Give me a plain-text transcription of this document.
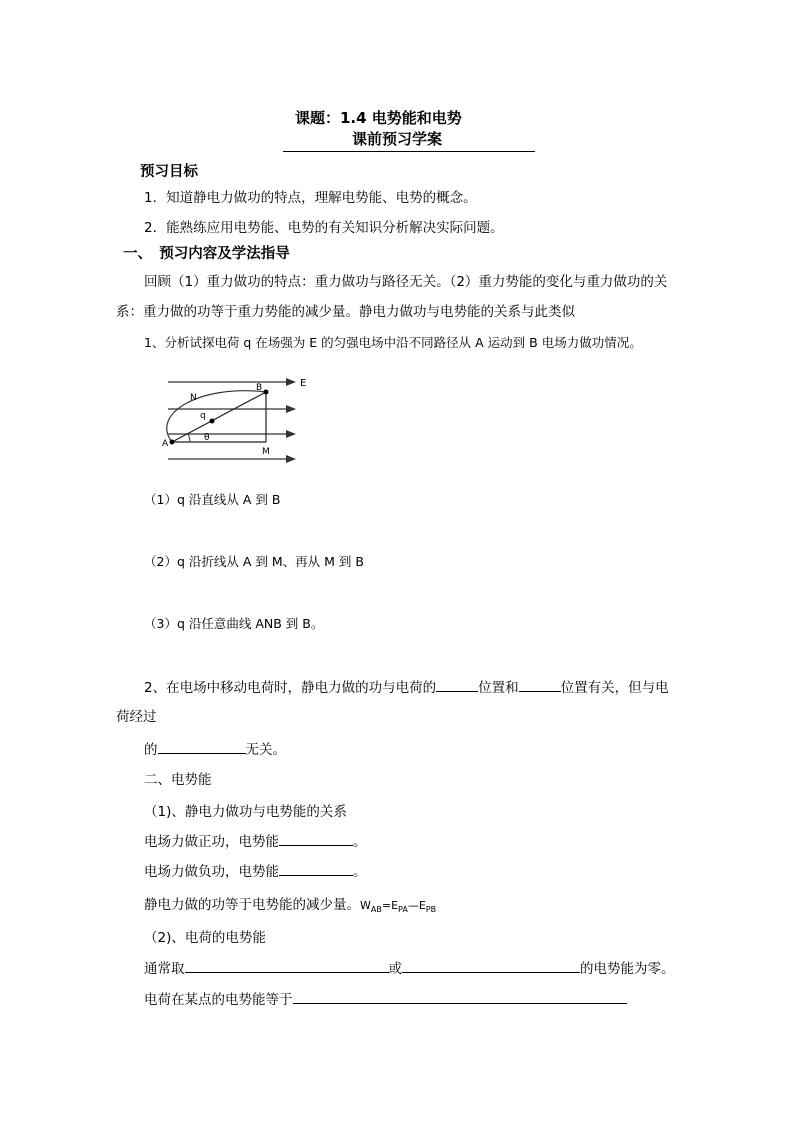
课题：1.4 电势能和电势
课前预习学案
预习目标
1．知道静电力做功的特点，理解电势能、电势的概念。
2．能熟练应用电势能、电势的有关知识分析解决实际问题。
一、　预习内容及学法指导
回顾（1）重力做功的特点：重力做功与路径无关。（2）重力势能的变化与重力做功的关
系：重力做的功等于重力势能的减少量。静电力做功与电势能的关系与此类似
1、分析试探电荷 q 在场强为 E 的匀强电场中沿不同路径从 A 运动到 B 电场力做功情况。
E
N
B
q
θ
A
M
（1）q 沿直线从 A 到 B
（2）q 沿折线从 A 到 M、再从 M 到 B
（3）q 沿任意曲线 ANB 到 B。
2、在电场中移动电荷时，静电力做的功与电荷的	位置和	位置有关，但与电
荷经过
的	无关。
二、电势能
（1)、静电力做功与电势能的关系
电场力做正功，电势能	。
电场力做负功，电势能	。
静电力做的功等于电势能的减少量。$W_{AB}=E_{PA}—E_{PB}$
（2)、电荷的电势能
通常取	或	的电势能为零。
电荷在某点的电势能等于
